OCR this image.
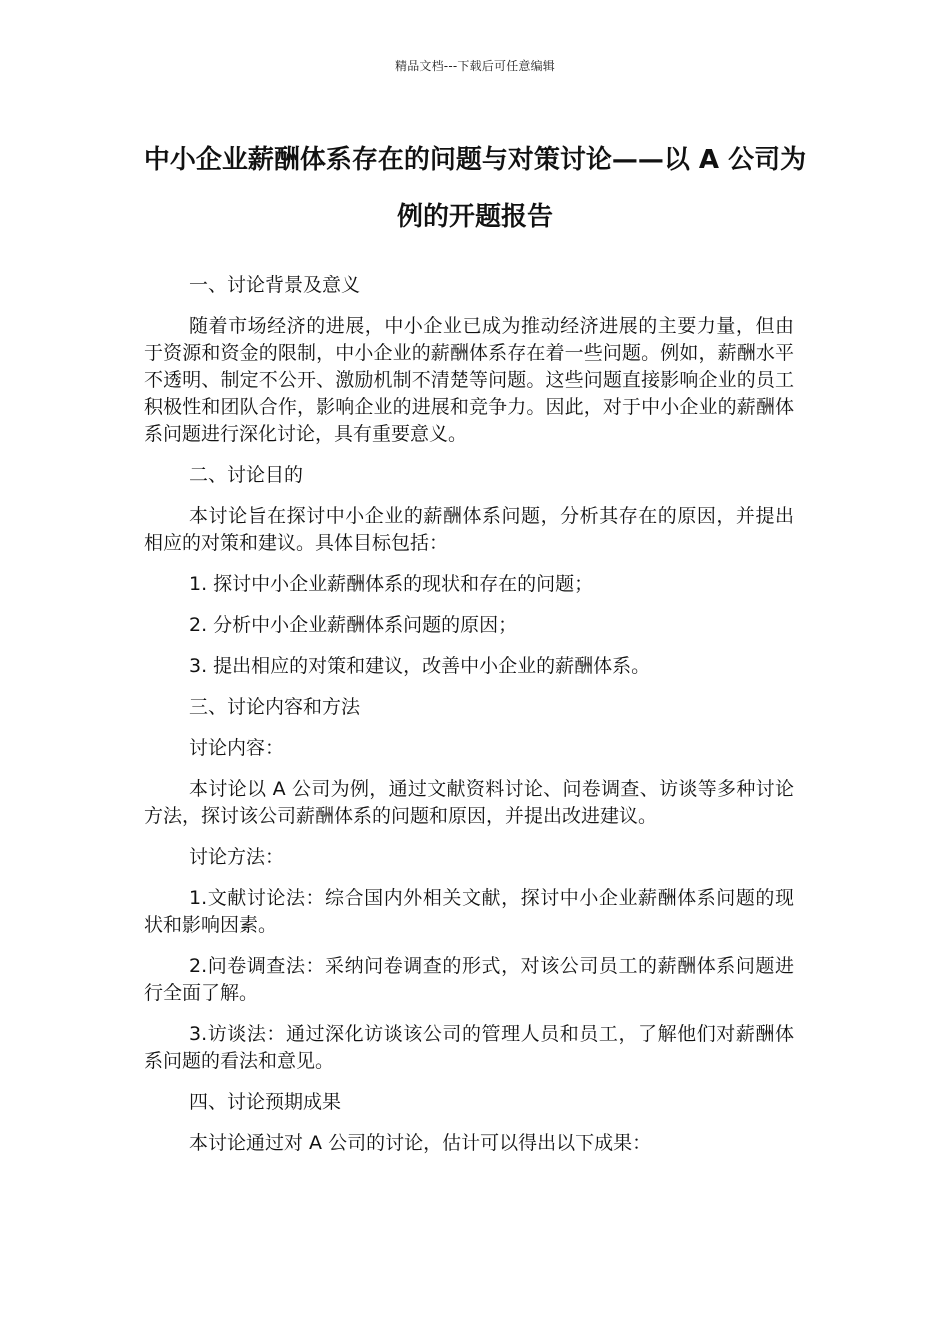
精品文档---下载后可任意编辑
中小企业薪酬体系存在的问题与对策讨论——以 A 公司为例的开题报告

一、讨论背景及意义

随着市场经济的进展，中小企业已成为推动经济进展的主要力量，但由于资源和资金的限制，中小企业的薪酬体系存在着一些问题。例如，薪酬水平不透明、制定不公开、激励机制不清楚等问题。这些问题直接影响企业的员工积极性和团队合作，影响企业的进展和竞争力。因此，对于中小企业的薪酬体系问题进行深化讨论，具有重要意义。

二、讨论目的

本讨论旨在探讨中小企业的薪酬体系问题，分析其存在的原因，并提出相应的对策和建议。具体目标包括：

1. 探讨中小企业薪酬体系的现状和存在的问题；

2. 分析中小企业薪酬体系问题的原因；

3. 提出相应的对策和建议，改善中小企业的薪酬体系。

三、讨论内容和方法

讨论内容：

本讨论以 A 公司为例，通过文献资料讨论、问卷调查、访谈等多种讨论方法，探讨该公司薪酬体系的问题和原因，并提出改进建议。

讨论方法：

1.文献讨论法：综合国内外相关文献，探讨中小企业薪酬体系问题的现状和影响因素。

2.问卷调查法：采纳问卷调查的形式，对该公司员工的薪酬体系问题进行全面了解。

3.访谈法：通过深化访谈该公司的管理人员和员工，了解他们对薪酬体系问题的看法和意见。

四、讨论预期成果

本讨论通过对 A 公司的讨论，估计可以得出以下成果：
